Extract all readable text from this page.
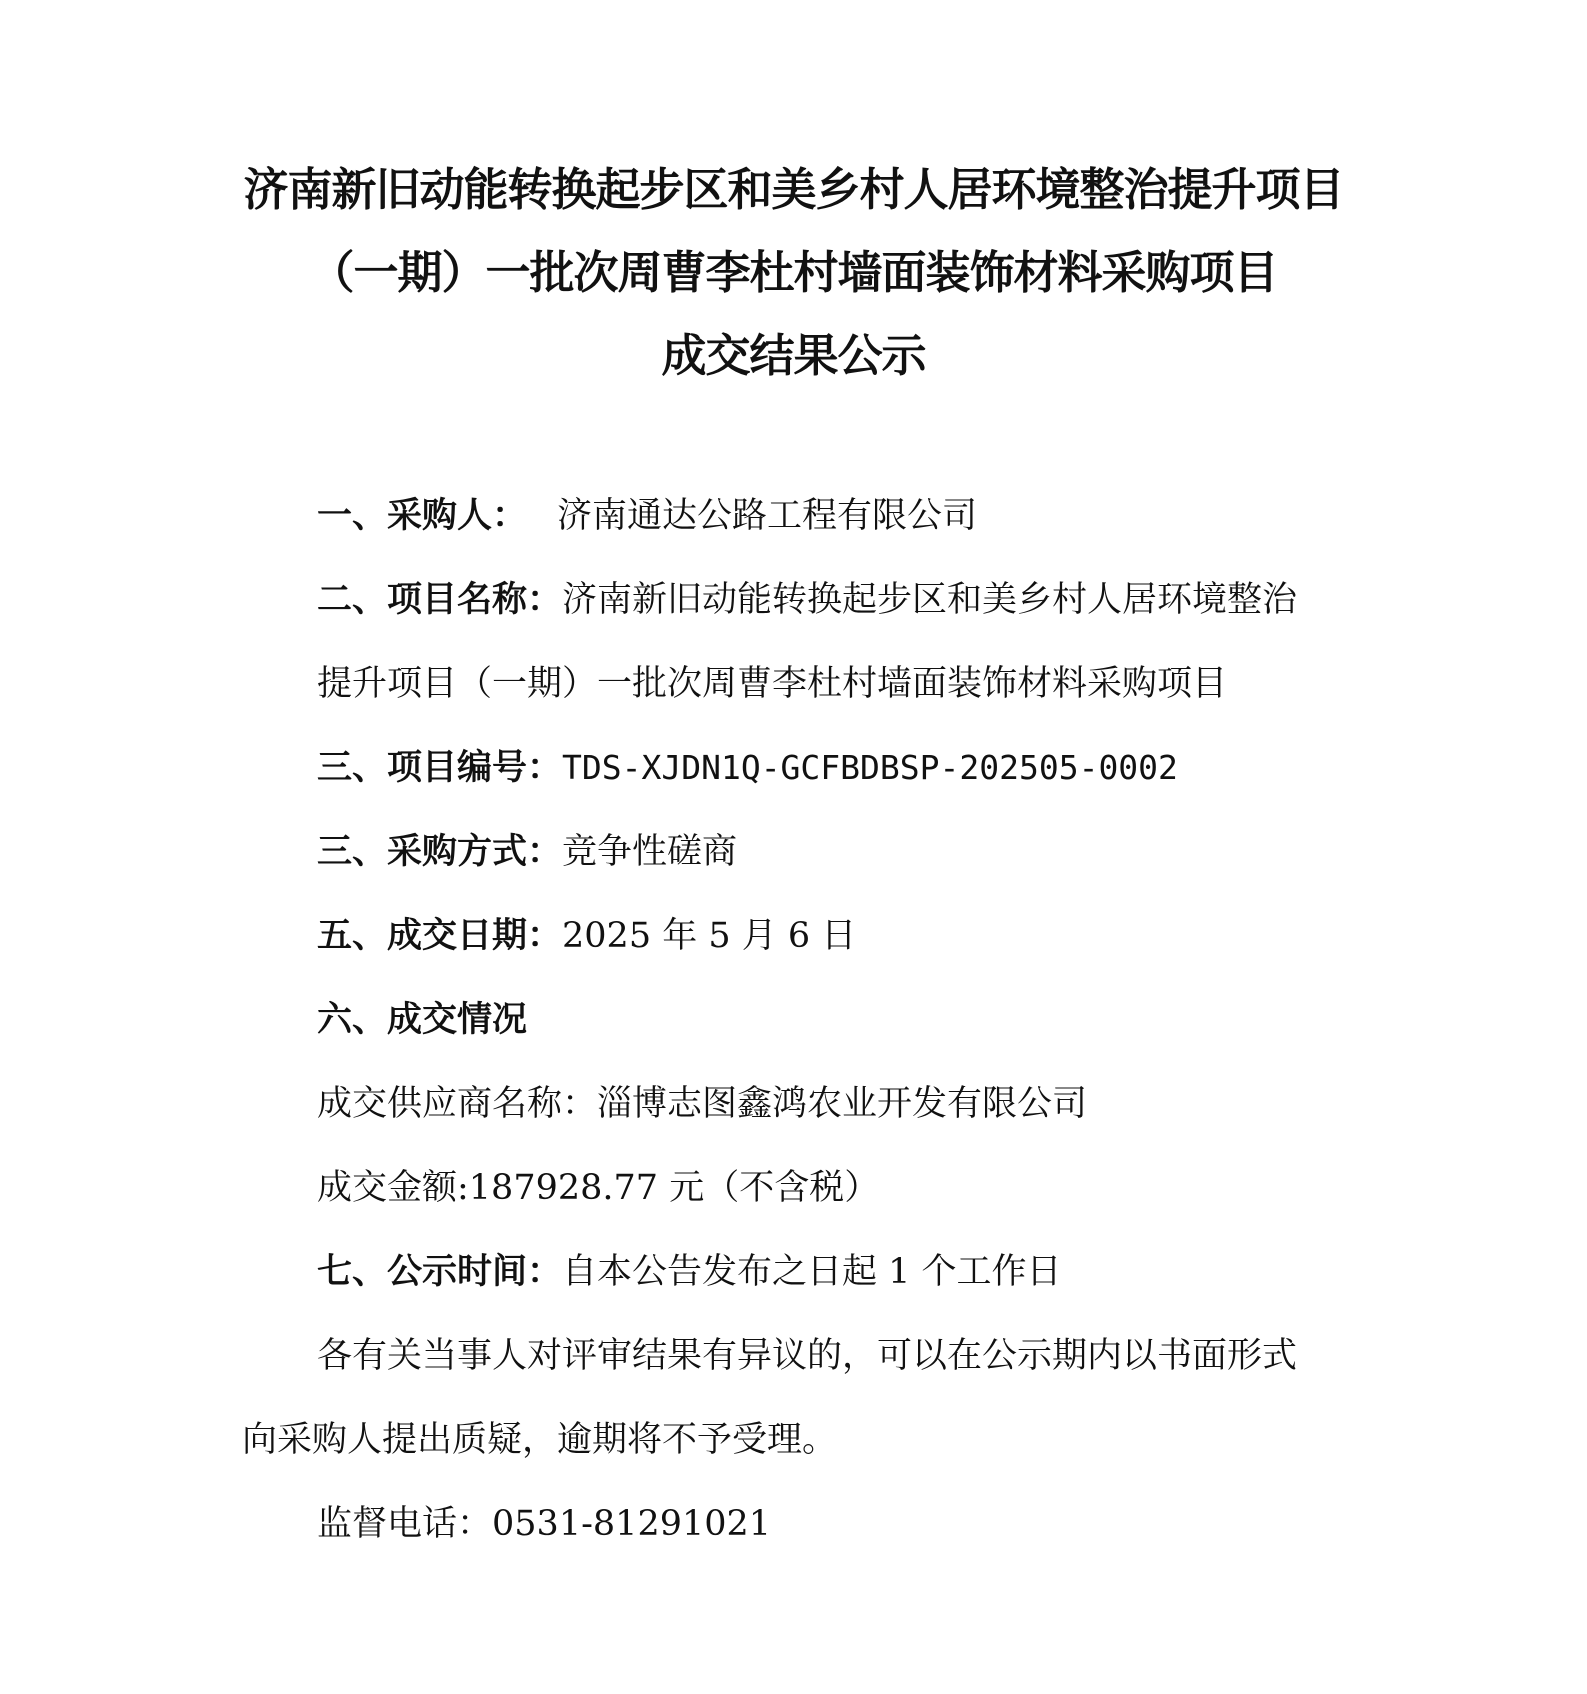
济南新旧动能转换起步区和美乡村人居环境整治提升项目
（一期）一批次周曹李杜村墙面装饰材料采购项目
成交结果公示
一、采购人： 济南通达公路工程有限公司
二、项目名称：济南新旧动能转换起步区和美乡村人居环境整治
提升项目（一期）一批次周曹李杜村墙面装饰材料采购项目
三、项目编号：TDS-XJDN1Q-GCFBDBSP-202505-0002
三、采购方式：竞争性磋商
五、成交日期：2025 年 5 月 6 日
六、成交情况
成交供应商名称：淄博志图鑫鸿农业开发有限公司
成交金额:187928.77 元（不含税）
七、公示时间：自本公告发布之日起 1 个工作日
各有关当事人对评审结果有异议的，可以在公示期内以书面形式
向采购人提出质疑，逾期将不予受理。
监督电话：0531-81291021
